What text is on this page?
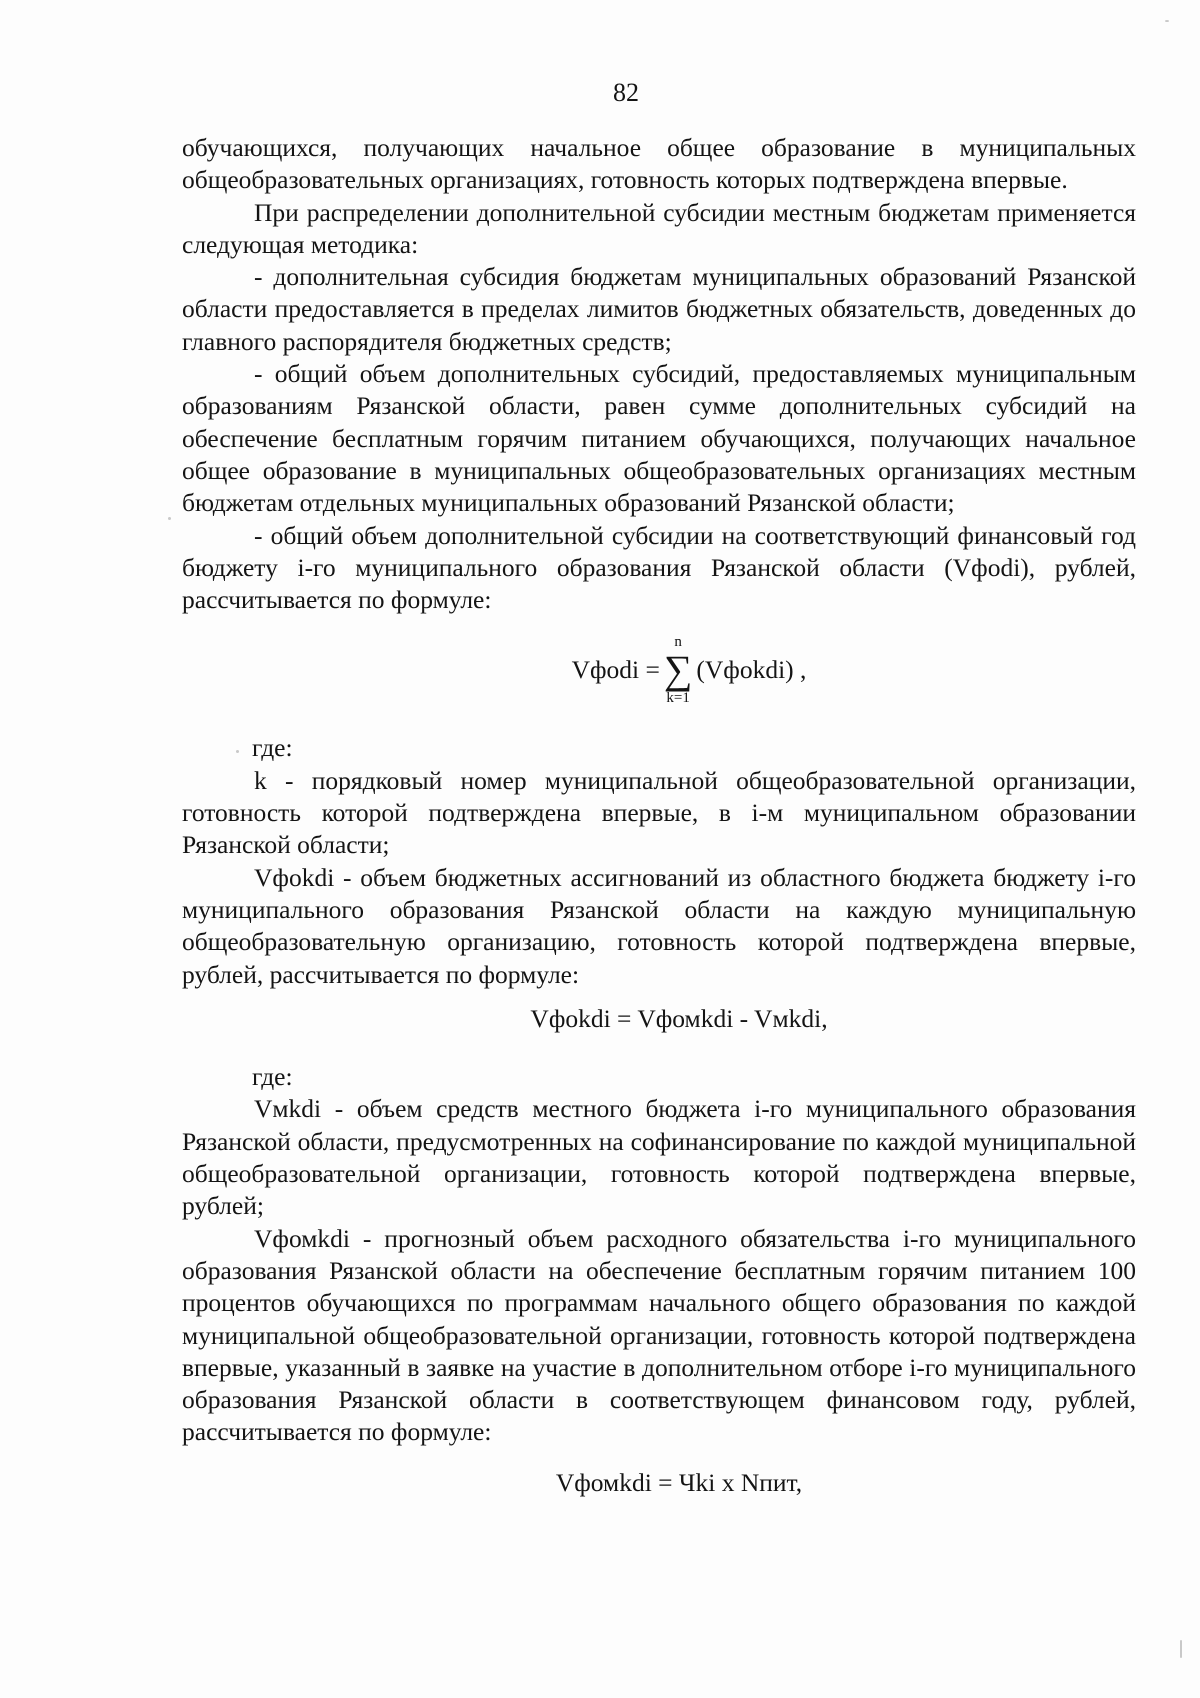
82

обучающихся, получающих начальное общее образование в муниципальных общеобразовательных организациях, готовность которых подтверждена впервые.

При распределении дополнительной субсидии местным бюджетам применяется следующая методика:

- дополнительная субсидия бюджетам муниципальных образований Рязанской области предоставляется в пределах лимитов бюджетных обязательств, доведенных до главного распорядителя бюджетных средств;

- общий объем дополнительных субсидий, предоставляемых муниципальным образованиям Рязанской области, равен сумме дополнительных субсидий на обеспечение бесплатным горячим питанием обучающихся, получающих начальное общее образование в муниципальных общеобразовательных организациях местным бюджетам отдельных муниципальных образований Рязанской области;

- общий объем дополнительной субсидии на соответствующий финансовый год бюджету i-го муниципального образования Рязанской области (Vфodi), рублей, рассчитывается по формуле:

Vфodi =
n
∑
k=1
(Vфokdi) ,

где:

k - порядковый номер муниципальной общеобразовательной организации, готовность которой подтверждена впервые, в i-м муниципальном образовании Рязанской области;

Vфokdi - объем бюджетных ассигнований из областного бюджета бюджету i-го муниципального образования Рязанской области на каждую муниципальную общеобразовательную организацию, готовность которой подтверждена впервые, рублей, рассчитывается по формуле:

Vфokdi = Vфомkdi - Vмkdi,

где:

Vмkdi - объем средств местного бюджета i-го муниципального образования Рязанской области, предусмотренных на софинансирование по каждой муниципальной общеобразовательной организации, готовность которой подтверждена впервые, рублей;

Vфомkdi - прогнозный объем расходного обязательства i-го муниципального образования Рязанской области на обеспечение бесплатным горячим питанием 100 процентов обучающихся по программам начального общего образования по каждой муниципальной общеобразовательной организации, готовность которой подтверждена впервые, указанный в заявке на участие в дополнительном отборе i-го муниципального образования Рязанской области в соответствующем финансовом году, рублей, рассчитывается по формуле:

Vфомkdi = Чki х Nпит,
